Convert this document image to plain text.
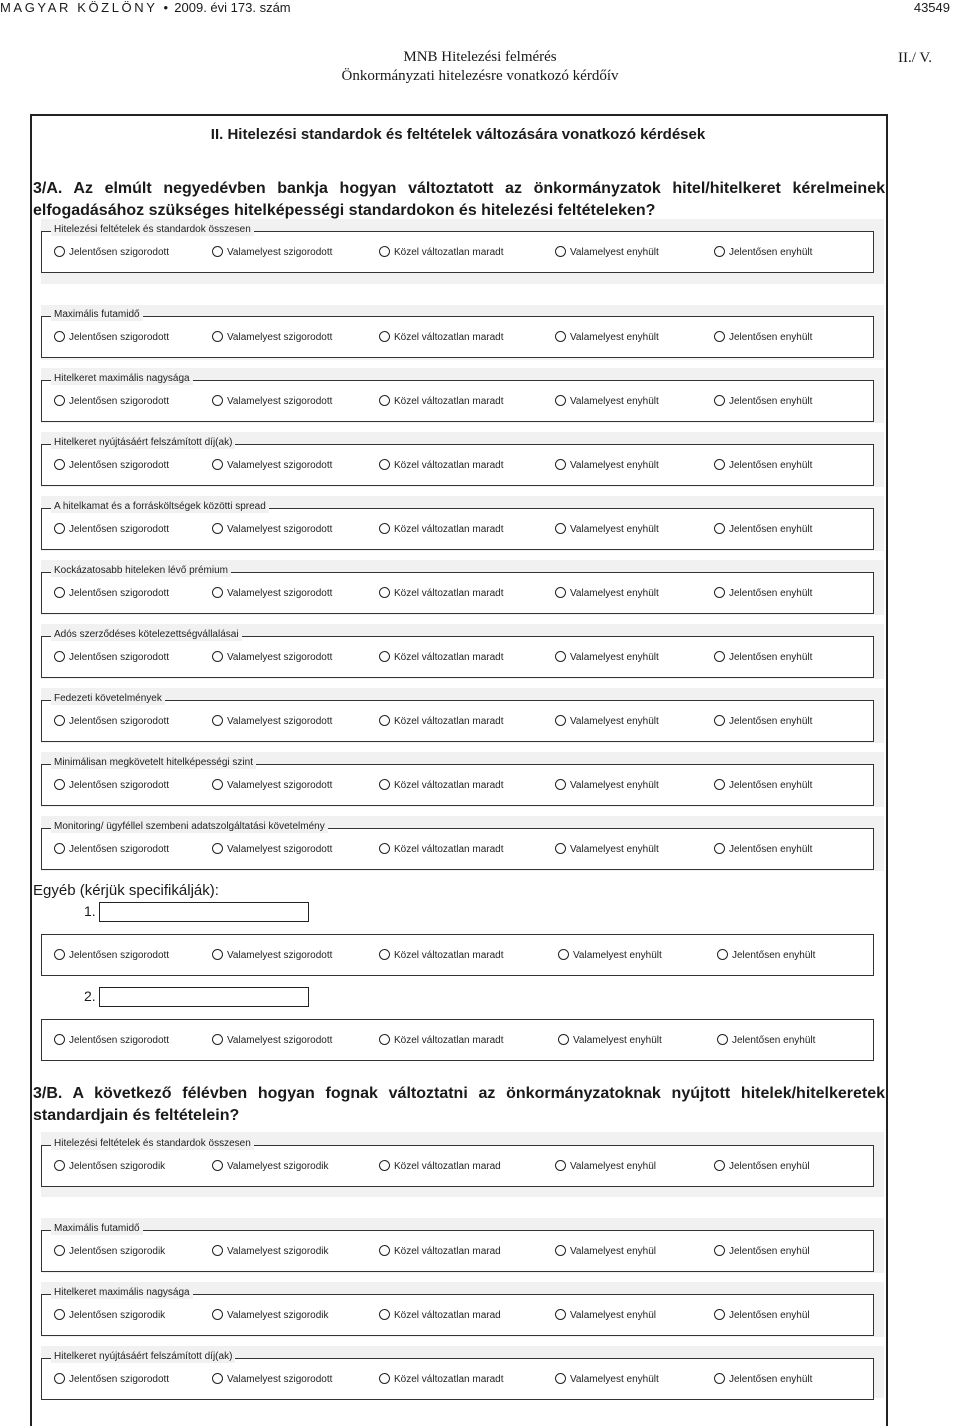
MAGYAR KÖZLÖNY • 2009. évi 173. szám	43549
MNB Hitelezési felmérés
Önkormányzati hitelezésre vonatkozó kérdőív
II./ V.
II. Hitelezési standardok és feltételek változására vonatkozó kérdések
3/A. Az elmúlt negyedévben bankja hogyan változtatott az önkormányzatok hitel/hitelkeret kérelmeinek
elfogadásához szükséges hitelképességi standardokon és hitelezési feltételeken?
Egyéb (kérjük specifikálják):
3/B. A következő félévben hogyan fognak változtatni az önkormányzatoknak nyújtott hitelek/hitelkeretek
standardjain és feltételein?
Hitelezési feltételek és standardok összesen
Jelentősen szigorodott	Valamelyest szigorodott	Közel változatlan maradt	Valamelyest enyhült	Jelentősen enyhült
Maximális futamidő
Jelentősen szigorodott	Valamelyest szigorodott	Közel változatlan maradt	Valamelyest enyhült	Jelentősen enyhült
Hitelkeret maximális nagysága
Jelentősen szigorodott	Valamelyest szigorodott	Közel változatlan maradt	Valamelyest enyhült	Jelentősen enyhült
Hitelkeret nyújtásáért felszámított díj(ak)
Jelentősen szigorodott	Valamelyest szigorodott	Közel változatlan maradt	Valamelyest enyhült	Jelentősen enyhült
A hitelkamat és a forrásköltségek közötti spread
Jelentősen szigorodott	Valamelyest szigorodott	Közel változatlan maradt	Valamelyest enyhült	Jelentősen enyhült
Kockázatosabb hiteleken lévő prémium
Jelentősen szigorodott	Valamelyest szigorodott	Közel változatlan maradt	Valamelyest enyhült	Jelentősen enyhült
Adós szerződéses kötelezettségvállalásai
Jelentősen szigorodott	Valamelyest szigorodott	Közel változatlan maradt	Valamelyest enyhült	Jelentősen enyhült
Fedezeti követelmények
Jelentősen szigorodott	Valamelyest szigorodott	Közel változatlan maradt	Valamelyest enyhült	Jelentősen enyhült
Minimálisan megkövetelt hitelképességi szint
Jelentősen szigorodott	Valamelyest szigorodott	Közel változatlan maradt	Valamelyest enyhült	Jelentősen enyhült
Monitoring/ ügyféllel szembeni adatszolgáltatási követelmény
Jelentősen szigorodott	Valamelyest szigorodott	Közel változatlan maradt	Valamelyest enyhült	Jelentősen enyhült
1.
Jelentősen szigorodott	Valamelyest szigorodott	Közel változatlan maradt	Valamelyest enyhült	Jelentősen enyhült
2.
Jelentősen szigorodott	Valamelyest szigorodott	Közel változatlan maradt	Valamelyest enyhült	Jelentősen enyhült
Hitelezési feltételek és standardok összesen
Jelentősen szigorodik	Valamelyest szigorodik	Közel változatlan marad	Valamelyest enyhül	Jelentősen enyhül
Maximális futamidő
Jelentősen szigorodik	Valamelyest szigorodik	Közel változatlan marad	Valamelyest enyhül	Jelentősen enyhül
Hitelkeret maximális nagysága
Jelentősen szigorodik	Valamelyest szigorodik	Közel változatlan marad	Valamelyest enyhül	Jelentősen enyhül
Hitelkeret nyújtásáért felszámított díj(ak)
Jelentősen szigorodott	Valamelyest szigorodott	Közel változatlan maradt	Valamelyest enyhült	Jelentősen enyhült
